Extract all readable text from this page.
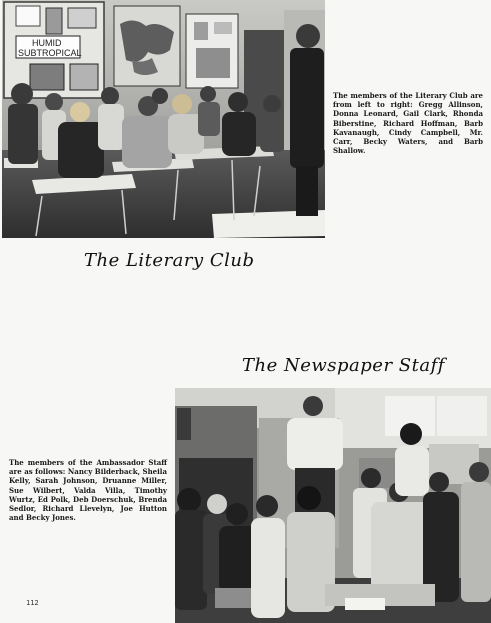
HUMID
SUBTROPICAL
The members of the Literary Club are from left to right: Gregg Allinson, Donna Leonard, Gail Clark, Rhonda Biberstine, Richard Hoffman, Barb Kavanaugh, Cindy Campbell, Mr. Carr, Becky Waters, and Barb Shallow.
The Literary Club
The Newspaper Staff
The members of the Ambassador Staff are as follows: Nancy Bilderback, Sheila Kelly, Sarah Johnson, Druanne Miller, Sue Wilbert, Valda Villa, Timothy Wurtz, Ed Polk, Deb Doerschuk, Brenda Sedlor, Richard Llevelyn, Joe Hutton and Becky Jones.
112
